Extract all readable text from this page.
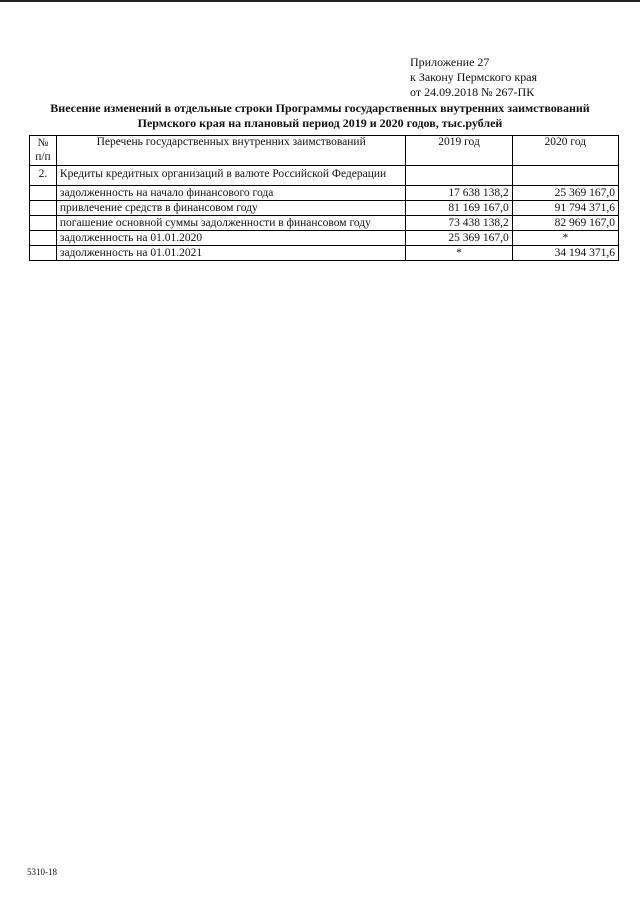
Приложение 27
к Закону Пермского края
от 24.09.2018 № 267-ПК
Внесение изменений в отдельные строки Программы государственных внутренних заимствований
Пермского края на плановый период 2019 и 2020 годов, тыс.рублей
№ п/п	Перечень государственных внутренних заимствований	2019 год	2020 год
2.	Кредиты кредитных организаций в валюте Российской Федерации		
	задолженность на начало финансового года	17 638 138,2	25 369 167,0
	привлечение средств в финансовом году	81 169 167,0	91 794 371,6
	погашение основной суммы задолженности в финансовом году	73 438 138,2	82 969 167,0
	задолженность на 01.01.2020	25 369 167,0	*
	задолженность на 01.01.2021	*	34 194 371,6
5310-18
